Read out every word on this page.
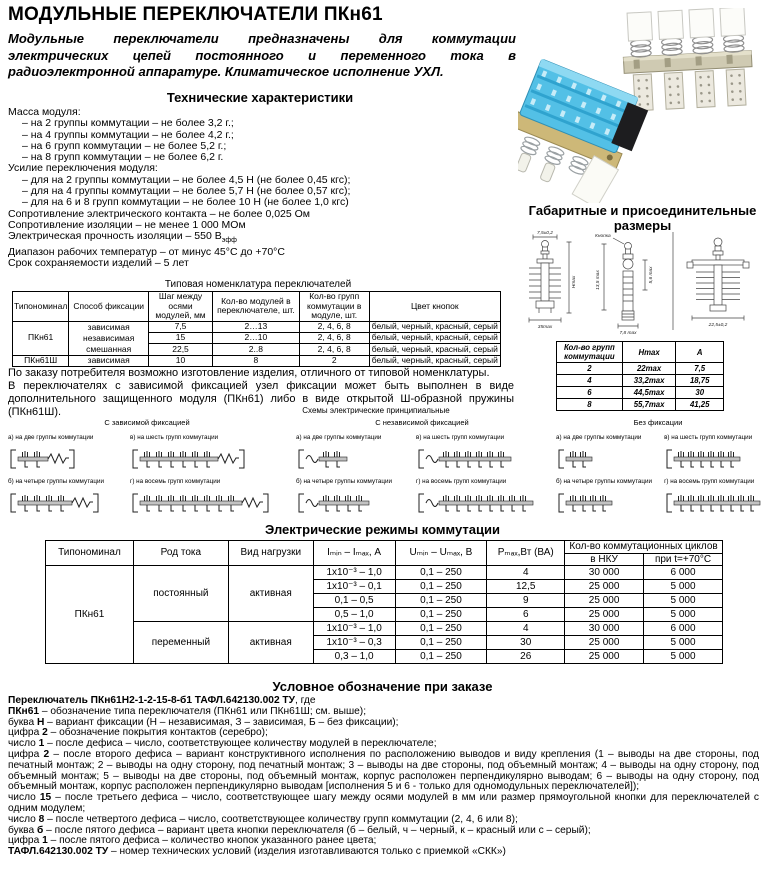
МОДУЛЬНЫЕ ПЕРЕКЛЮЧАТЕЛИ ПКн61
Модульные переключатели предназначены для коммутации электрических цепей постоянного и переменного тока в радиоэлектронной аппаратуре. Климатическое исполнение УХЛ.
Технические характеристики
Масса модуля:
– на 2 группы коммутации – не более 3,2 г.;
– на 4 группы коммутации – не более 4,2 г.;
– на 6 групп коммутации – не более 5,2 г.;
– на 8 групп коммутации – не более 6,2 г.
Усилие переключения модуля:
– для на 2 группы коммутации – не более 4,5 Н (не более 0,45 кгс);
– для на 4 группы коммутации – не более 5,7 Н (не более 0,57 кгс);
– для на 6 и 8 групп коммутации – не более 10 Н (не более 1,0 кгс)
Сопротивление электрического контакта – не более 0,025 Ом
Сопротивление изоляции – не менее 1 000 МОм
Электрическая прочность изоляции – 550 $В_{эфф}$
Диапазон рабочих температур – от минус 45°С до +70°С
Срок сохраняемости изделий – 5 лет
Типовая номенклатура переключателей
Типономинал	Способ фиксации	Шаг между осями модулей, мм	Кол-во модулей в переключателе, шт.	Кол-во групп коммутации в модуле, шт.	Цвет кнопок
ПКн61	зависимая
независимая
смешанная	7,5	2…13	2, 4, 6, 8	белый, черный, красный, серый
		15	2…10	2, 4, 6, 8	белый, черный, красный, серый
		22,5	2..8	2, 4, 6, 8	белый, черный, красный, серый
ПКн61Ш	зависимая	10	8	2	белый, черный, красный, серый
По заказу потребителя возможно изготовление изделия, отличного от типовой номенклатуры.
В переключателях с зависимой фиксацией узел фиксации может быть выполнен в виде дополнительного защищенного модуля (ПКн61) либо в виде открытой Ш-образной пружины (ПКн61Ш).	Схемы электрические принципиальные
С зависимой фиксацией
а) на две группы коммутации	в) на шесть групп коммутации
б) на четыре группы коммутации	г) на восемь групп коммутации
С независимой фиксацией
а) на две группы коммутации	в) на шесть групп коммутации
б) на четыре группы коммутации	г) на восемь групп коммутации
Без фиксации
а) на две группы коммутации	в) на шесть групп коммутации
б) на четыре группы коммутации г) на восемь групп коммутации
Электрические режимы коммутации
Типономинал	Род тока	Вид нагрузки	Iₘᵢₙ – Iₘₐₓ, А	Uₘᵢₙ – Uₘₐₓ, В	Pₘₐₓ,Вт (ВА)	Кол-во коммутационных циклов	
						в НКУ	при t=+70°С
ПКн61	постоянный	активная	1х10⁻³ – 1,0	0,1 – 250	4	30 000	6 000
			1х10⁻³ – 0,1	0,1 – 250	12,5	25 000	5 000
			0,1 – 0,5	0,1 – 250	9	25 000	5 000
			0,5 – 1,0	0,1 – 250	6	25 000	5 000
	переменный	активная	1х10⁻³ – 1,0	0,1 – 250	4	30 000	6 000
			1х10⁻³ – 0,3	0,1 – 250	30	25 000	5 000
			0,3 – 1,0	0,1 – 250	26	25 000	5 000
Условное обозначение при заказе
Переключатель ПКн61Н2-1-2-15-8-б1 ТАФЛ.642130.002 ТУ, где
ПКн61 – обозначение типа переключателя (ПКн61 или ПКн61Ш; см. выше);
буква Н – вариант фиксации (Н – независимая, З – зависимая, Б – без фиксации);
цифра 2 – обозначение покрытия контактов (серебро);
число 1 – после дефиса – число, соответствующее количеству модулей в переключателе;
цифра 2 – после второго дефиса – вариант конструктивного исполнения по расположению выводов и виду крепления (1 – выводы на две стороны, под печатный монтаж; 2 – выводы на одну сторону, под печатный монтаж; 3 – выводы на две стороны, под объемный монтаж; 4 – выводы на одну сторону, под объемный монтаж; 5 – выводы на две стороны, под объемный монтаж, корпус расположен перпендикулярно выводам; 6 – выводы на одну сторону, под объемный монтаж, корпус расположен перпендикулярно выводам [исполнения 5 и 6 - только для одномодульных переключателей]);
число 15 – после третьего дефиса – число, соответствующее шагу между осями модулей в мм или размер прямоугольной кнопки для переключателей с одним модулем;
число 8 – после четвертого дефиса – число, соответствующее количеству групп коммутации (2, 4, 6 или 8);
буква б – после пятого дефиса – вариант цвета кнопки переключателя (б – белый, ч – черный, к – красный или с – серый);
цифра 1 – после пятого дефиса – количество кнопок указанного ранее цвета;
ТАФЛ.642130.002 ТУ – номер технических условий (изделия изготавливаются только с приемкой «СКК»)
Габаритные и присоединительные размеры
7,5±0,2
Hmax
35max
Кнопка
13,5 max	5,6 max
7,8 max
22,5±0,2
Кол-во групп коммутации	Hmax	А
2	22max	7,5
4	33,2max	18,75
6	44,5max	30
8	55,7max	41,25
